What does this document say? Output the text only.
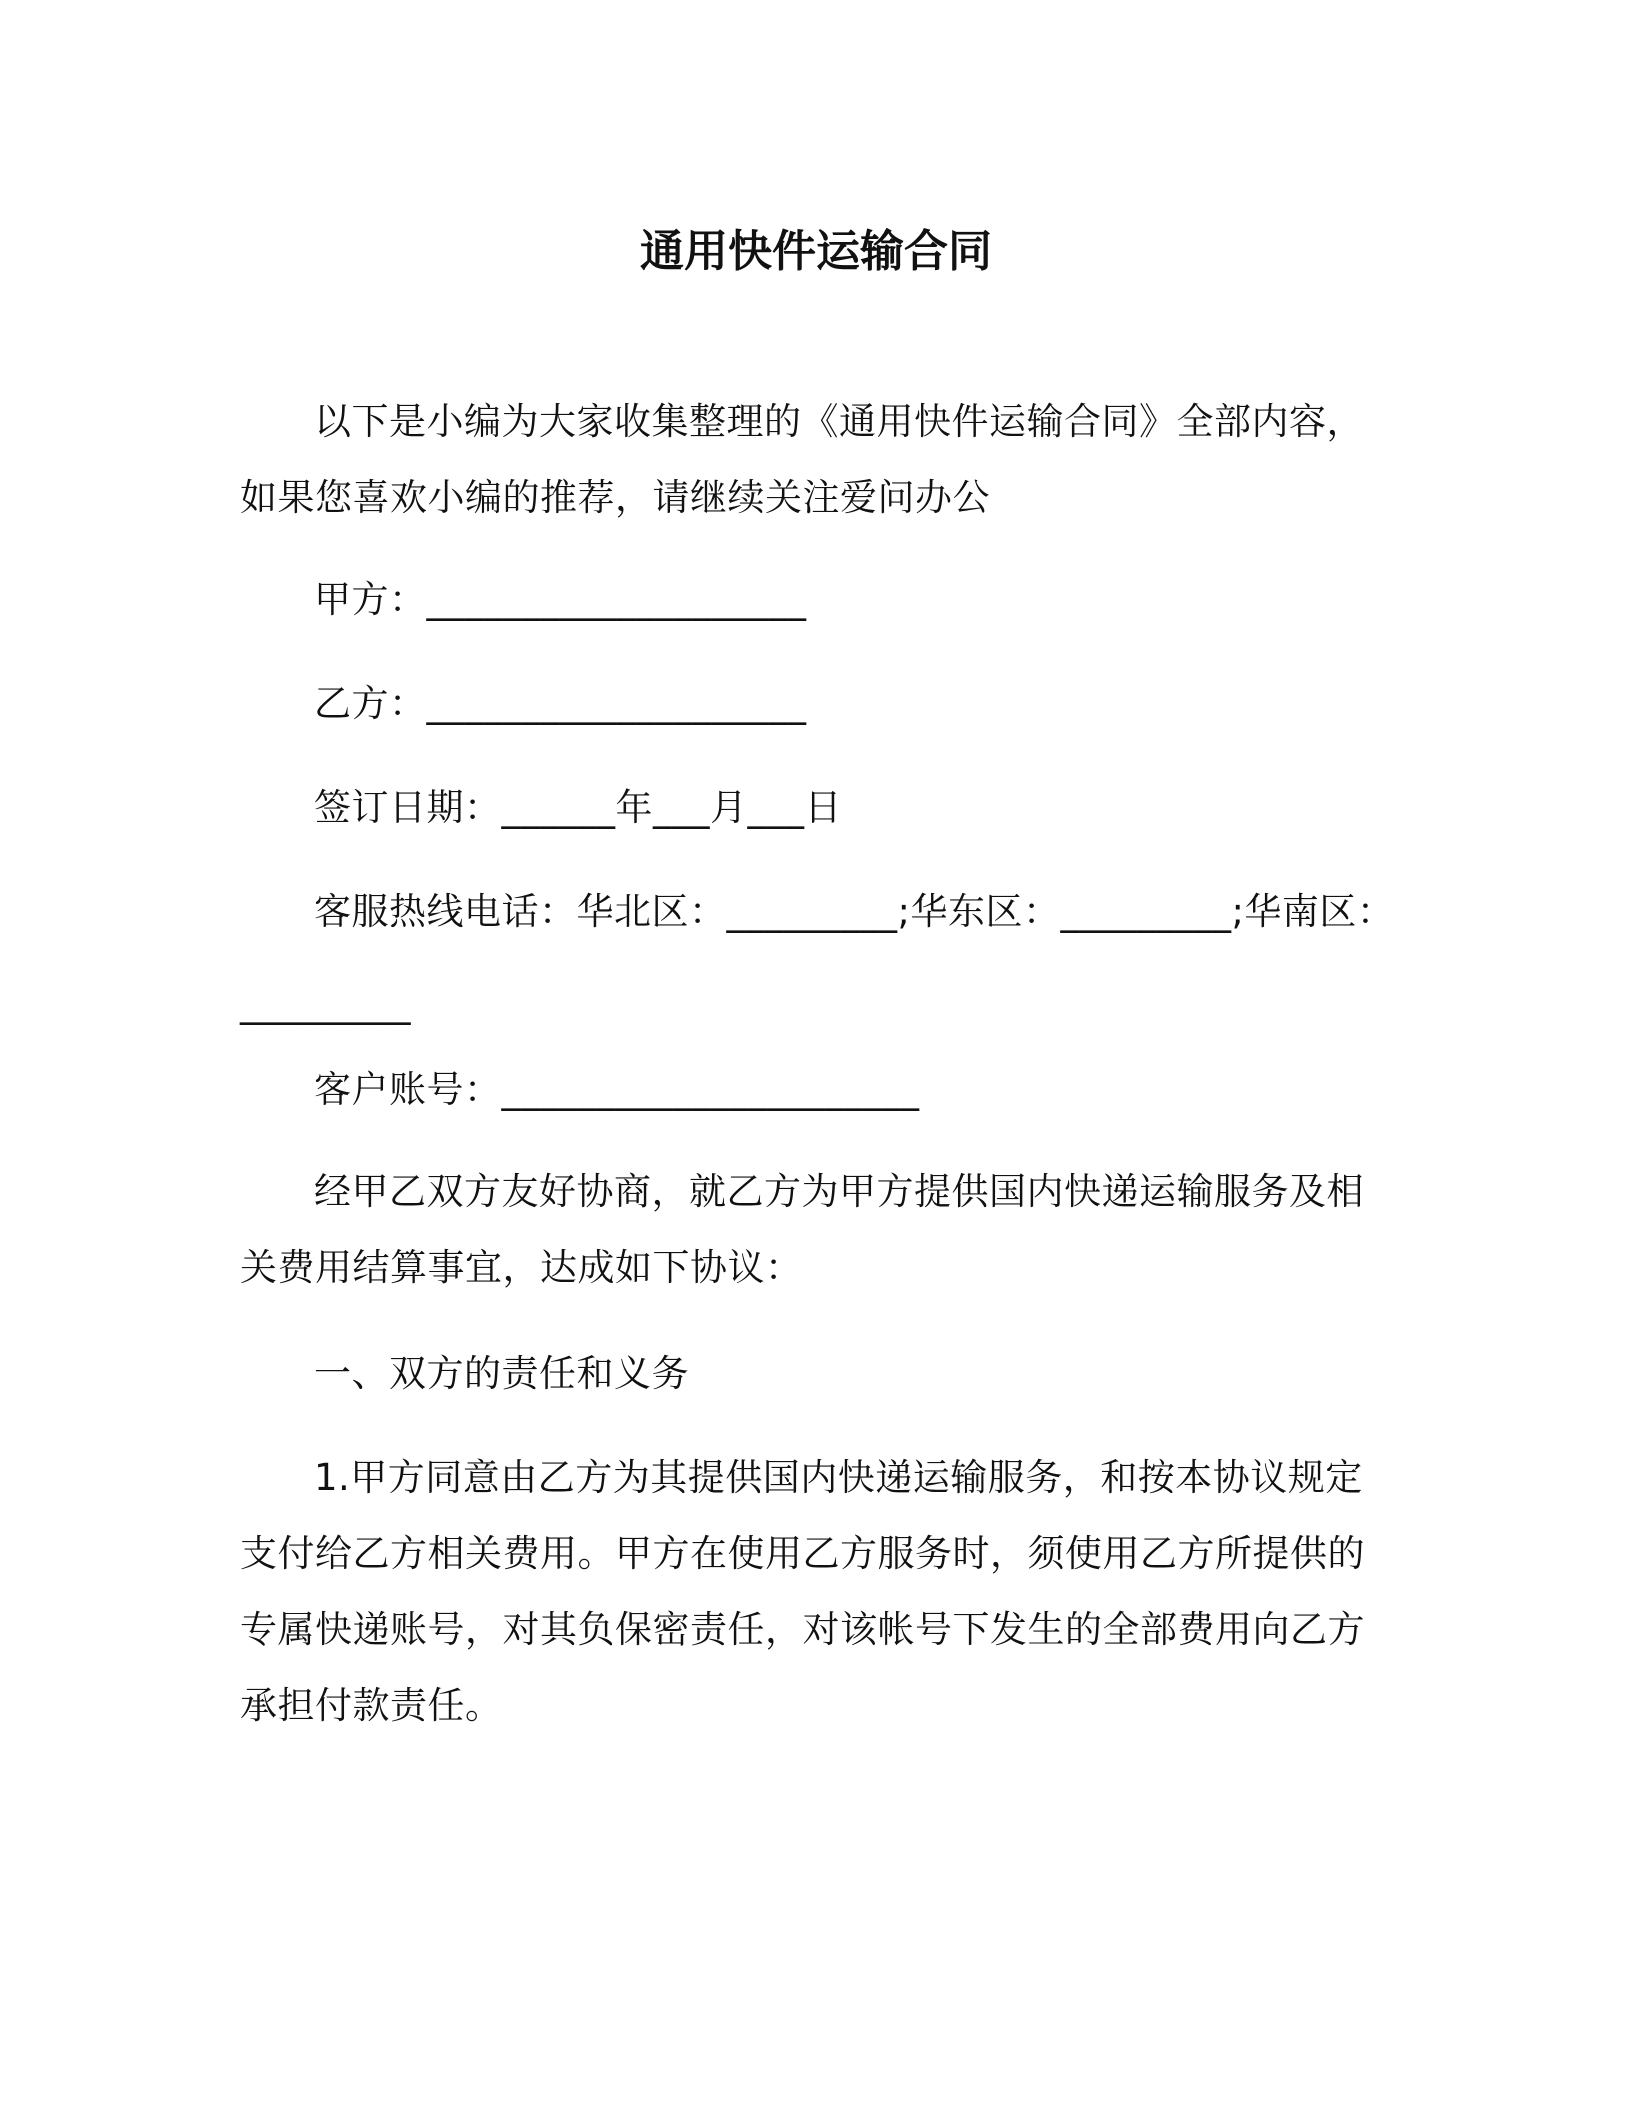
通用快件运输合同
以下是小编为大家收集整理的《通用快件运输合同》全部内容，
如果您喜欢小编的推荐，请继续关注爱问办公
甲方：____________________
乙方：____________________
签订日期：______年___月___日
客服热线电话：华北区：_________;华东区：_________;华南区：
_________
客户账号：______________________
经甲乙双方友好协商，就乙方为甲方提供国内快递运输服务及相
关费用结算事宜，达成如下协议：
一、双方的责任和义务
1.甲方同意由乙方为其提供国内快递运输服务，和按本协议规定
支付给乙方相关费用。甲方在使用乙方服务时，须使用乙方所提供的
专属快递账号，对其负保密责任，对该帐号下发生的全部费用向乙方
承担付款责任。
